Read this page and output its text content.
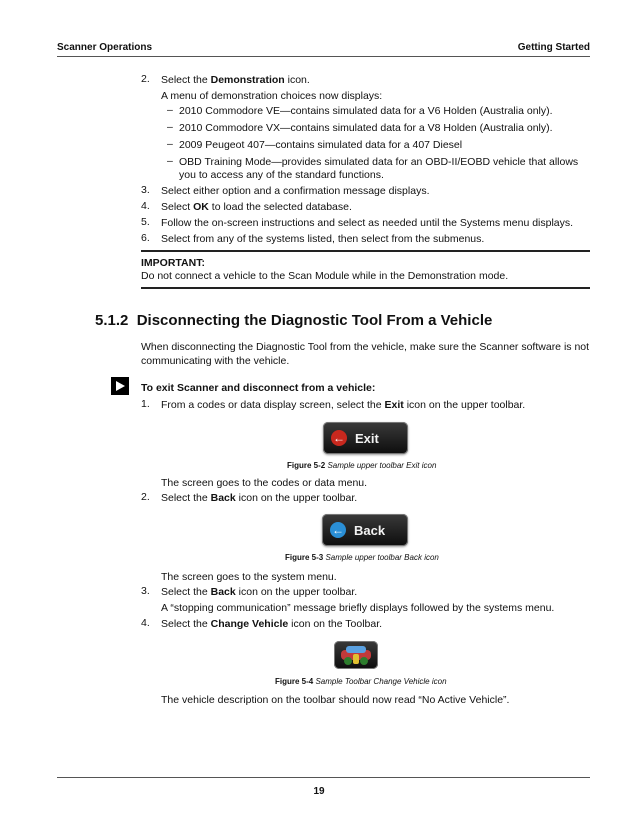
Scanner Operations	Getting Started
2. Select the Demonstration icon.
A menu of demonstration choices now displays:
– 2010 Commodore VE—contains simulated data for a V6 Holden (Australia only).
– 2010 Commodore VX—contains simulated data for a V8 Holden (Australia only).
– 2009 Peugeot 407—contains simulated data for a 407 Diesel
– OBD Training Mode—provides simulated data for an OBD-II/EOBD vehicle that allows
you to access any of the standard functions.
3. Select either option and a confirmation message displays.
4. Select OK to load the selected database.
5. Follow the on-screen instructions and select as needed until the Systems menu displays.
6. Select from any of the systems listed, then select from the submenus.
IMPORTANT:
Do not connect a vehicle to the Scan Module while in the Demonstration mode.
5.1.2 Disconnecting the Diagnostic Tool From a Vehicle
When disconnecting the Diagnostic Tool from the vehicle, make sure the Scanner software is not
communicating with the vehicle.
To exit Scanner and disconnect from a vehicle:
1. From a codes or data display screen, select the Exit icon on the upper toolbar.
← Exit
Figure 5-2 Sample upper toolbar Exit icon
The screen goes to the codes or data menu.
2. Select the Back icon on the upper toolbar.
← Back
Figure 5-3 Sample upper toolbar Back icon
The screen goes to the system menu.
3. Select the Back icon on the upper toolbar.
A “stopping communication” message briefly displays followed by the systems menu.
4. Select the Change Vehicle icon on the Toolbar.
Figure 5-4 Sample Toolbar Change Vehicle icon
The vehicle description on the toolbar should now read “No Active Vehicle”.
19
